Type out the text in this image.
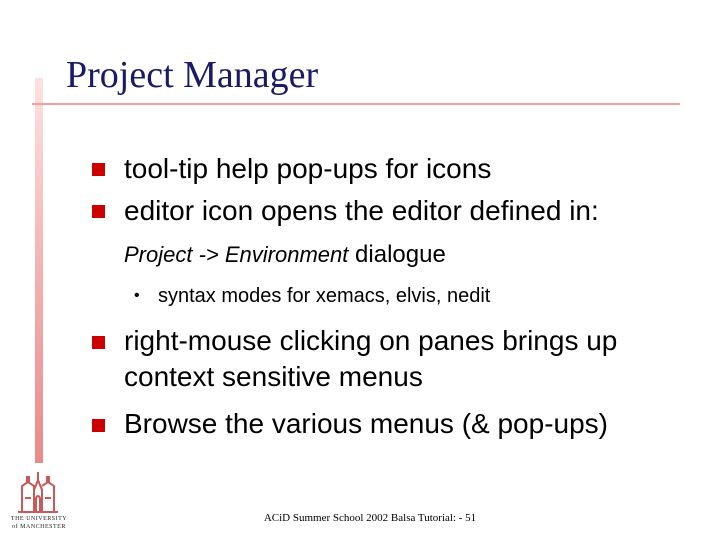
Project Manager
tool-tip help pop-ups for icons
editor icon opens the editor defined in:
Project -> Environment dialogue
• syntax modes for xemacs, elvis, nedit
right-mouse clicking on panes brings up
context sensitive menus
Browse the various menus (& pop-ups)
THE UNIVERSITY
of MANCHESTER
ACiD Summer School 2002 Balsa Tutorial: - 51
